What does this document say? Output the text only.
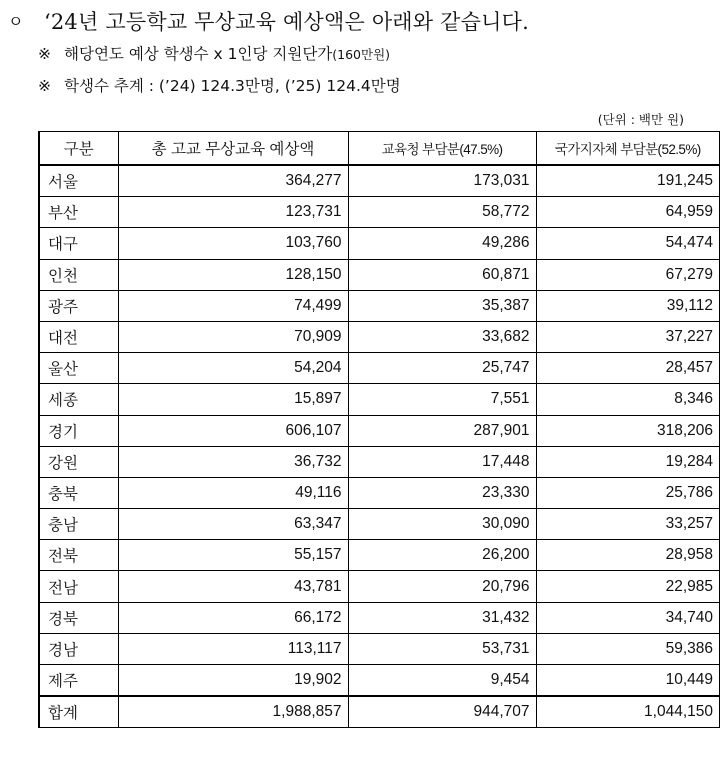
ㅇ ‘24년 고등학교 무상교육 예상액은 아래와 같습니다.
※ 해당연도 예상 학생수 x 1인당 지원단가(160만원)
※ 학생수 추계 : (’24) 124.3만명, (’25) 124.4만명
(단위 : 백만 원)
구분	총 고교 무상교육 예상액	교육청 부담분(47.5%)	국가지자체 부담분(52.5%)
서울	364,277	173,031	191,245
부산	123,731	58,772	64,959
대구	103,760	49,286	54,474
인천	128,150	60,871	67,279
광주	74,499	35,387	39,112
대전	70,909	33,682	37,227
울산	54,204	25,747	28,457
세종	15,897	7,551	8,346
경기	606,107	287,901	318,206
강원	36,732	17,448	19,284
충북	49,116	23,330	25,786
충남	63,347	30,090	33,257
전북	55,157	26,200	28,958
전남	43,781	20,796	22,985
경북	66,172	31,432	34,740
경남	113,117	53,731	59,386
제주	19,902	9,454	10,449
합계	1,988,857	944,707	1,044,150
